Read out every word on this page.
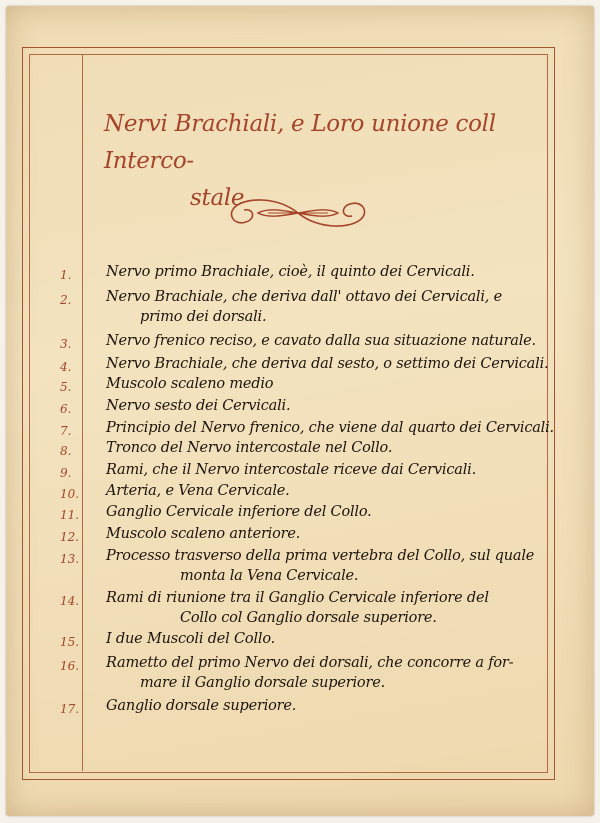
Nervi Brachiali, e Loro unione coll Interco-
stale
1.	Nervo primo Brachiale, cioè, il quinto dei Cervicali.
2.	Nervo Brachiale, che deriva dall' ottavo dei Cervicali, e
primo dei dorsali.
3.	Nervo frenico reciso, e cavato dalla sua situazione naturale.
4.	Nervo Brachiale, che deriva dal sesto, o settimo dei Cervicali.
5.	Muscolo scaleno medio
6.	Nervo sesto dei Cervicali.
7.	Principio del Nervo frenico, che viene dal quarto dei Cervicali.
8.	Tronco del Nervo intercostale nel Collo.
9.	Rami, che il Nervo intercostale riceve dai Cervicali.
10.	Arteria, e Vena Cervicale.
11.	Ganglio Cervicale inferiore del Collo.
12.	Muscolo scaleno anteriore.
13.	Processo trasverso della prima vertebra del Collo, sul quale
monta la Vena Cervicale.
14.	Rami di riunione tra il Ganglio Cervicale inferiore del
Collo col Ganglio dorsale superiore.
15.	I due Muscoli del Collo.
16.	Rametto del primo Nervo dei dorsali, che concorre a for-
mare il Ganglio dorsale superiore.
17.	Ganglio dorsale superiore.
